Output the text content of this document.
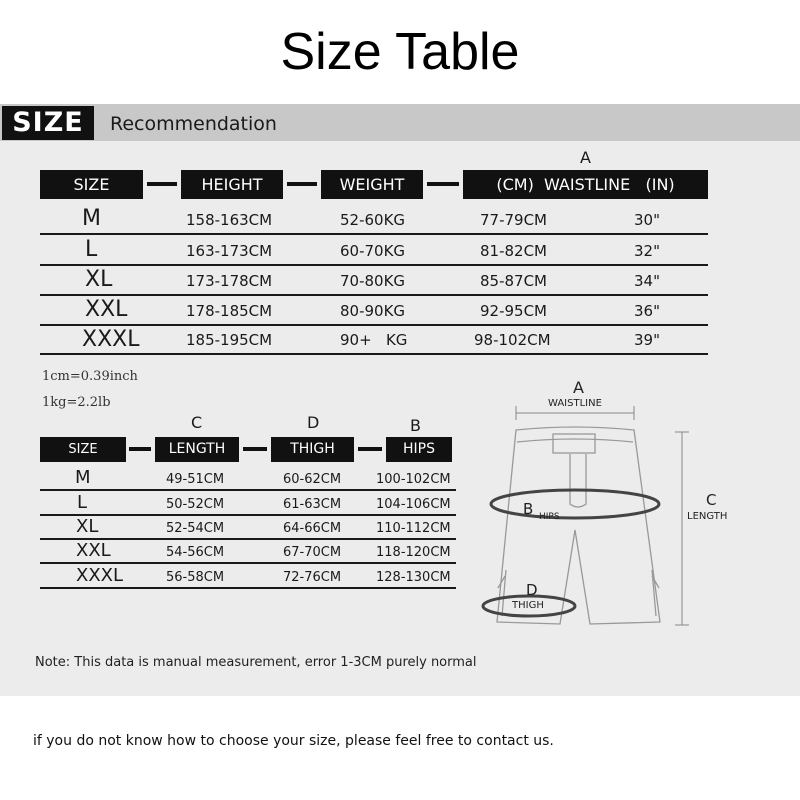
Size Table
SIZE	Recommendation
A
SIZE	HEIGHT	WEIGHT	(CM)  WAISTLINE   (IN)
M	158-163CM	52-60KG	77-79CM	30"
L	163-173CM	60-70KG	81-82CM	32"
XL	173-178CM	70-80KG	85-87CM	34"
XXL	178-185CM	80-90KG	92-95CM	36"
XXXL	185-195CM	90+   KG	98-102CM	39"
1cm=0.39inch
1kg=2.2lb
C	D	B
SIZE	LENGTH	THIGH	HIPS
M	49-51CM	60-62CM	100-102CM
L	50-52CM	61-63CM	104-106CM
XL	52-54CM	64-66CM	110-112CM
XXL	54-56CM	67-70CM	118-120CM
XXXL	56-58CM	72-76CM	128-130CM
A
WAISTLINE
B HIPS
C
LENGTH
D
THIGH
Note: This data is manual measurement, error 1-3CM purely normal
if you do not know how to choose your size, please feel free to contact us.
